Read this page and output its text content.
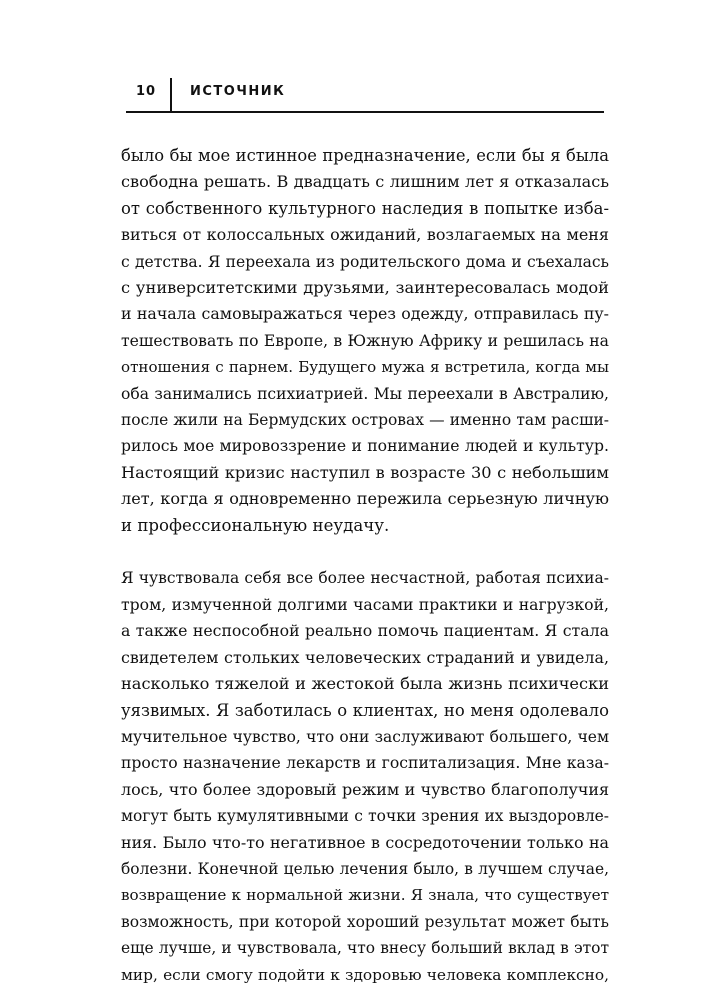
10	ИСТОЧНИК
было бы мое истинное предназначение, если бы я была
свободна решать. В двадцать с лишним лет я отказалась
от собственного культурного наследия в попытке изба-
виться от колоссальных ожиданий, возлагаемых на меня
с детства. Я переехала из родительского дома и съехалась
с университетскими друзьями, заинтересовалась модой
и начала самовыражаться через одежду, отправилась пу-
тешествовать по Европе, в Южную Африку и решилась на
отношения с парнем. Будущего мужа я встретила, когда мы
оба занимались психиатрией. Мы переехали в Австралию,
после жили на Бермудских островах — именно там расши-
рилось мое мировоззрение и понимание людей и культур.
Настоящий кризис наступил в возрасте 30 с небольшим
лет, когда я одновременно пережила серьезную личную
и профессиональную неудачу.
Я чувствовала себя все более несчастной, работая психиа-
тром, измученной долгими часами практики и нагрузкой,
а также неспособной реально помочь пациентам. Я стала
свидетелем стольких человеческих страданий и увидела,
насколько тяжелой и жестокой была жизнь психически
уязвимых. Я заботилась о клиентах, но меня одолевало
мучительное чувство, что они заслуживают большего, чем
просто назначение лекарств и госпитализация. Мне каза-
лось, что более здоровый режим и чувство благополучия
могут быть кумулятивными с точки зрения их выздоровле-
ния. Было что-то негативное в сосредоточении только на
болезни. Конечной целью лечения было, в лучшем случае,
возвращение к нормальной жизни. Я знала, что существует
возможность, при которой хороший результат может быть
еще лучше, и чувствовала, что внесу больший вклад в этот
мир, если смогу подойти к здоровью человека комплексно,
